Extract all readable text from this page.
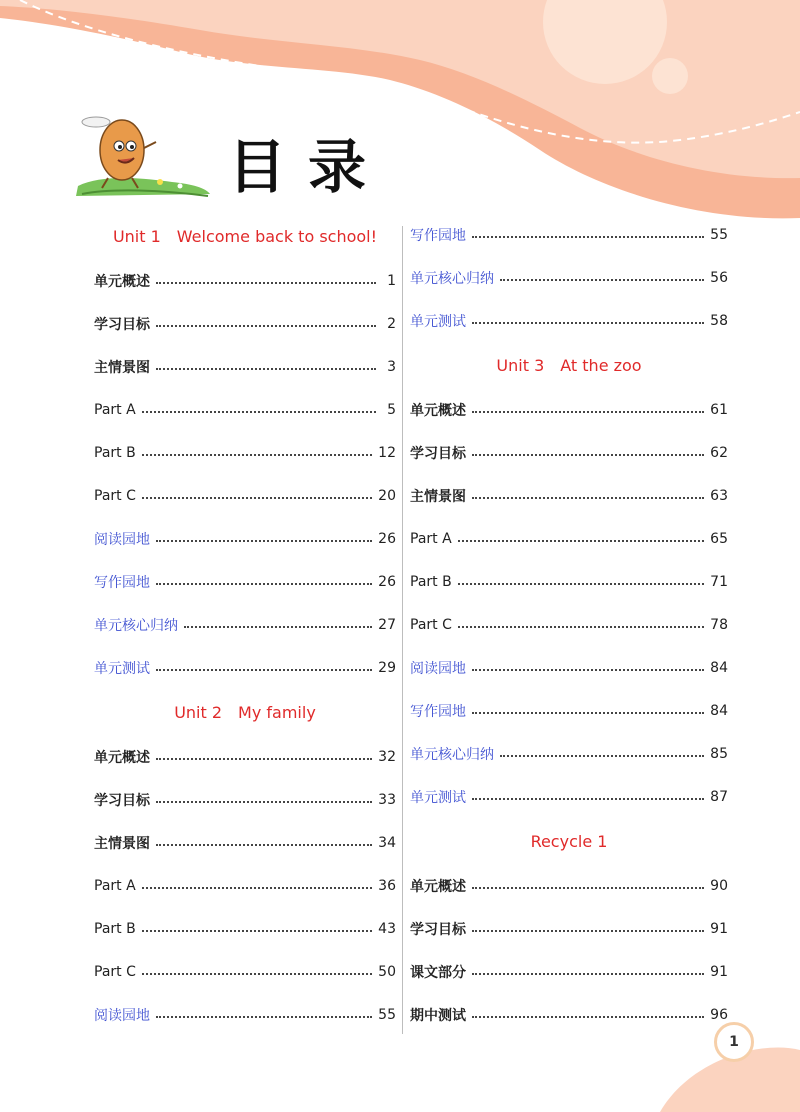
目录
Unit 1 Welcome back to school!
单元概述	1
学习目标	2
主情景图	3
Part A	5
Part B	12
Part C	20
阅读园地	26
写作园地	26
单元核心归纳	27
单元测试	29
Unit 2 My family
单元概述	32
学习目标	33
主情景图	34
Part A	36
Part B	43
Part C	50
阅读园地	55
写作园地	55
单元核心归纳	56
单元测试	58
Unit 3 At the zoo
单元概述	61
学习目标	62
主情景图	63
Part A	65
Part B	71
Part C	78
阅读园地	84
写作园地	84
单元核心归纳	85
单元测试	87
Recycle 1
单元概述	90
学习目标	91
课文部分	91
期中测试	96
1
